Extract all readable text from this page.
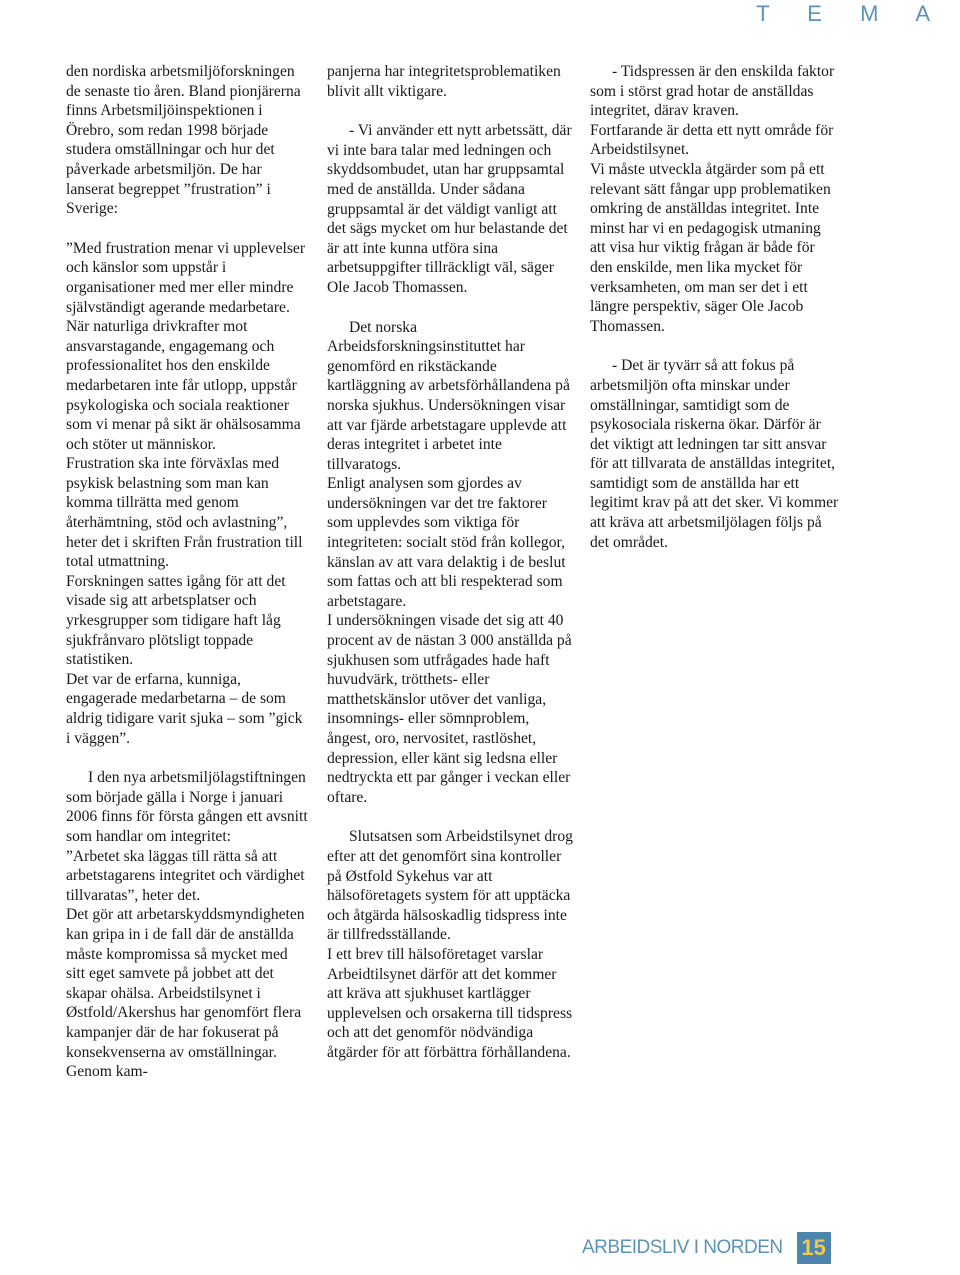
T E M A

den nordiska arbetsmiljöforskningen de senaste tio åren. Bland pionjärerna finns Arbetsmiljöinspektionen i Örebro, som redan 1998 började studera omställningar och hur det påverkade arbetsmiljön. De har lanserat begreppet ”frustration” i Sverige:

”Med frustration menar vi upplevelser och känslor som uppstår i organisationer med mer eller mindre självständigt agerande medarbetare. När naturliga drivkrafter mot ansvarstagande, engagemang och professionalitet hos den enskilde medarbetaren inte får utlopp, uppstår psykologiska och sociala reaktioner som vi menar på sikt är ohälsosamma och stöter ut människor.

Frustration ska inte förväxlas med psykisk belastning som man kan komma tillrätta med genom återhämtning, stöd och avlastning”, heter det i skriften Från frustration till total utmattning.

Forskningen sattes igång för att det visade sig att arbetsplatser och yrkesgrupper som tidigare haft låg sjukfrånvaro plötsligt toppade statistiken.

Det var de erfarna, kunniga, engagerade medarbetarna – de som aldrig tidigare varit sjuka – som ”gick i väggen”.

I den nya arbetsmiljölagstiftningen som började gälla i Norge i januari 2006 finns för första gången ett avsnitt som handlar om integritet:

”Arbetet ska läggas till rätta så att arbetstagarens integritet och värdighet tillvaratas”, heter det.

Det gör att arbetarskyddsmyndigheten kan gripa in i de fall där de anställda måste kompromissa så mycket med sitt eget samvete på jobbet att det skapar ohälsa. Arbeidstilsynet i Østfold/Akershus har genomfört flera kampanjer där de har fokuserat på konsekvenserna av omställningar. Genom kam-

panjerna har integritetsproblematiken blivit allt viktigare.

- Vi använder ett nytt arbetssätt, där vi inte bara talar med ledningen och skyddsombudet, utan har gruppsamtal med de anställda. Under sådana gruppsamtal är det väldigt vanligt att det sägs mycket om hur belastande det är att inte kunna utföra sina arbetsuppgifter tillräckligt väl, säger Ole Jacob Thomassen.

Det norska Arbeidsforskningsinstituttet har genomförd en rikstäckande kartläggning av arbetsförhållandena på norska sjukhus. Undersökningen visar att var fjärde arbetstagare upplevde att deras integritet i arbetet inte tillvaratogs.

Enligt analysen som gjordes av undersökningen var det tre faktorer som upplevdes som viktiga för integriteten: socialt stöd från kollegor, känslan av att vara delaktig i de beslut som fattas och att bli respekterad som arbetstagare.

I undersökningen visade det sig att 40 procent av de nästan 3 000 anställda på sjukhusen som utfrågades hade haft huvudvärk, trötthets- eller matthetskänslor utöver det vanliga, insomnings- eller sömnproblem, ångest, oro, nervositet, rastlöshet, depression, eller känt sig ledsna eller nedtryckta ett par gånger i veckan eller oftare.

Slutsatsen som Arbeidstilsynet drog efter att det genomfört sina kontroller på Østfold Sykehus var att hälsoföretagets system för att upptäcka och åtgärda hälsoskadlig tidspress inte är tillfredsställande.

I ett brev till hälsoföretaget varslar Arbeidtilsynet därför att det kommer att kräva att sjukhuset kartlägger upplevelsen och orsakerna till tidspress och att det genomför nödvändiga åtgärder för att förbättra förhållandena.

- Tidspressen är den enskilda faktor som i störst grad hotar de anställdas integritet, därav kraven.

Fortfarande är detta ett nytt område för Arbeidstilsynet.

Vi måste utveckla åtgärder som på ett relevant sätt fångar upp problematiken omkring de anställdas integritet. Inte minst har vi en pedagogisk utmaning att visa hur viktig frågan är både för den enskilde, men lika mycket för verksamheten, om man ser det i ett längre perspektiv, säger Ole Jacob Thomassen.

- Det är tyvärr så att fokus på arbetsmiljön ofta minskar under omställningar, samtidigt som de psykosociala riskerna ökar. Därför är det viktigt att ledningen tar sitt ansvar för att tillvarata de anställdas integritet, samtidigt som de anställda har ett legitimt krav på att det sker. Vi kommer att kräva att arbetsmiljölagen följs på det området.

ARBEIDSLIV I NORDEN 15
